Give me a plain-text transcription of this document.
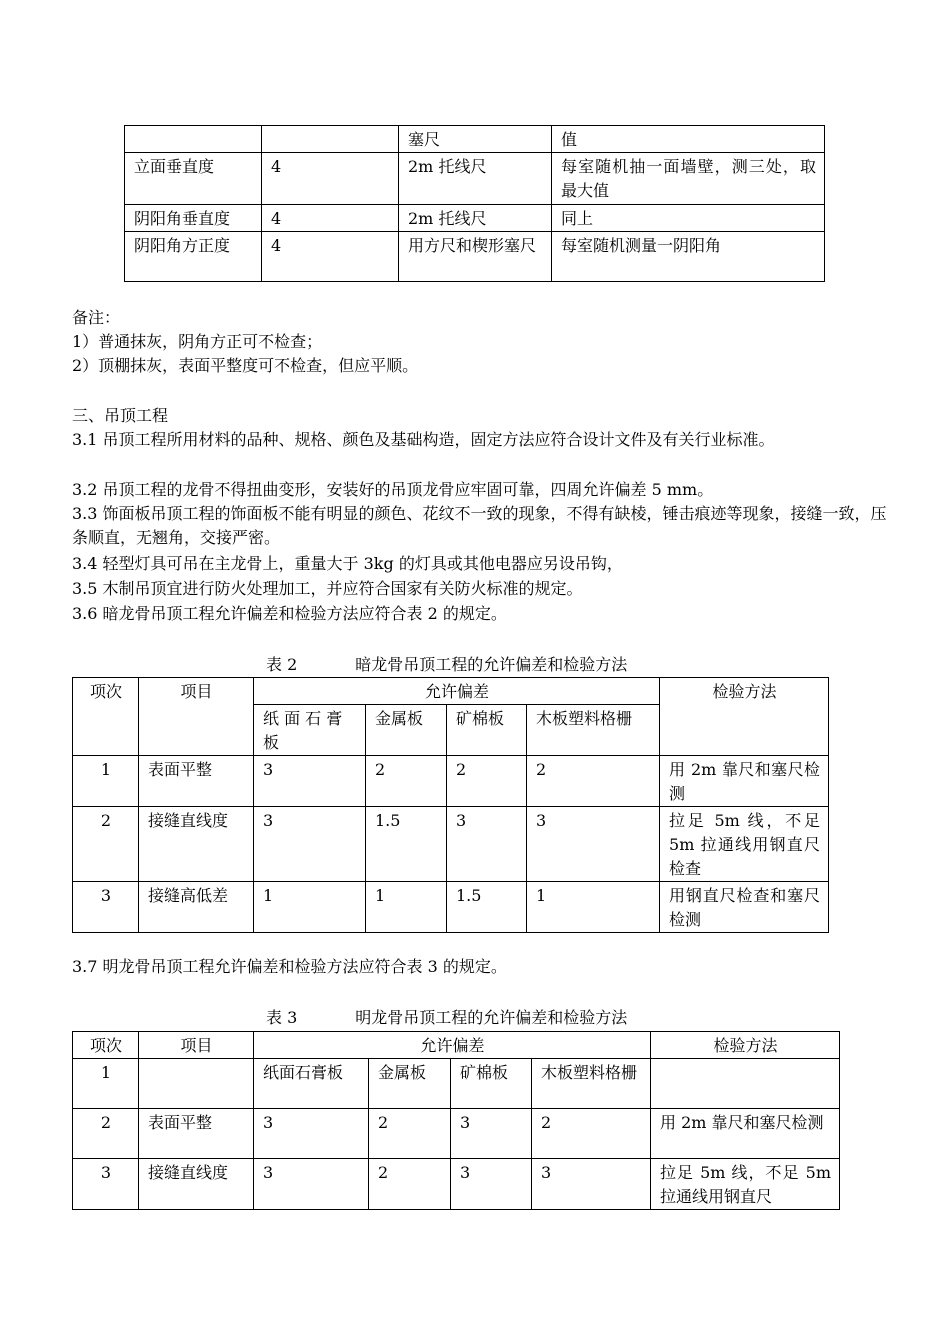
		塞尺	值
立面垂直度	4	2m 托线尺	每室随机抽一面墙壁，测三处，取最大值
阴阳角垂直度	4	2m 托线尺	同上
阴阳角方正度	4	用方尺和楔形塞尺	每室随机测量一阴阳角
备注：
1）普通抹灰，阴角方正可不检查；
2）顶棚抹灰，表面平整度可不检查，但应平顺。
三、吊顶工程
3.1 吊顶工程所用材料的品种、规格、颜色及基础构造，固定方法应符合设计文件及有关行业标准。
3.2 吊顶工程的龙骨不得扭曲变形，安装好的吊顶龙骨应牢固可靠，四周允许偏差 5 mm。
3.3 饰面板吊顶工程的饰面板不能有明显的颜色、花纹不一致的现象，不得有缺棱，锤击痕迹等现象，接缝一致，压条顺直，无翘角，交接严密。
3.4 轻型灯具可吊在主龙骨上，重量大于 3kg 的灯具或其他电器应另设吊钩，
3.5 木制吊顶宜进行防火处理加工，并应符合国家有关防火标准的规定。
3.6 暗龙骨吊顶工程允许偏差和检验方法应符合表 2 的规定。
表 2	暗龙骨吊顶工程的允许偏差和检验方法
项次	项目	允许偏差				检验方法
		纸 面 石 膏 板	金属板	矿棉板	木板塑料格栅	
1	表面平整	3	2	2	2	用 2m 靠尺和塞尺检测
2	接缝直线度	3	1.5	3	3	拉足 5m 线，不足 5m 拉通线用钢直尺检查
3	接缝高低差	1	1	1.5	1	用钢直尺检查和塞尺检测
3.7 明龙骨吊顶工程允许偏差和检验方法应符合表 3 的规定。
表 3	明龙骨吊顶工程的允许偏差和检验方法
项次	项目	允许偏差				检验方法
1		纸面石膏板	金属板	矿棉板	木板塑料格栅	
2	表面平整	3	2	3	2	用 2m 靠尺和塞尺检测
3	接缝直线度	3	2	3	3	拉足 5m 线，不足 5m 拉通线用钢直尺
